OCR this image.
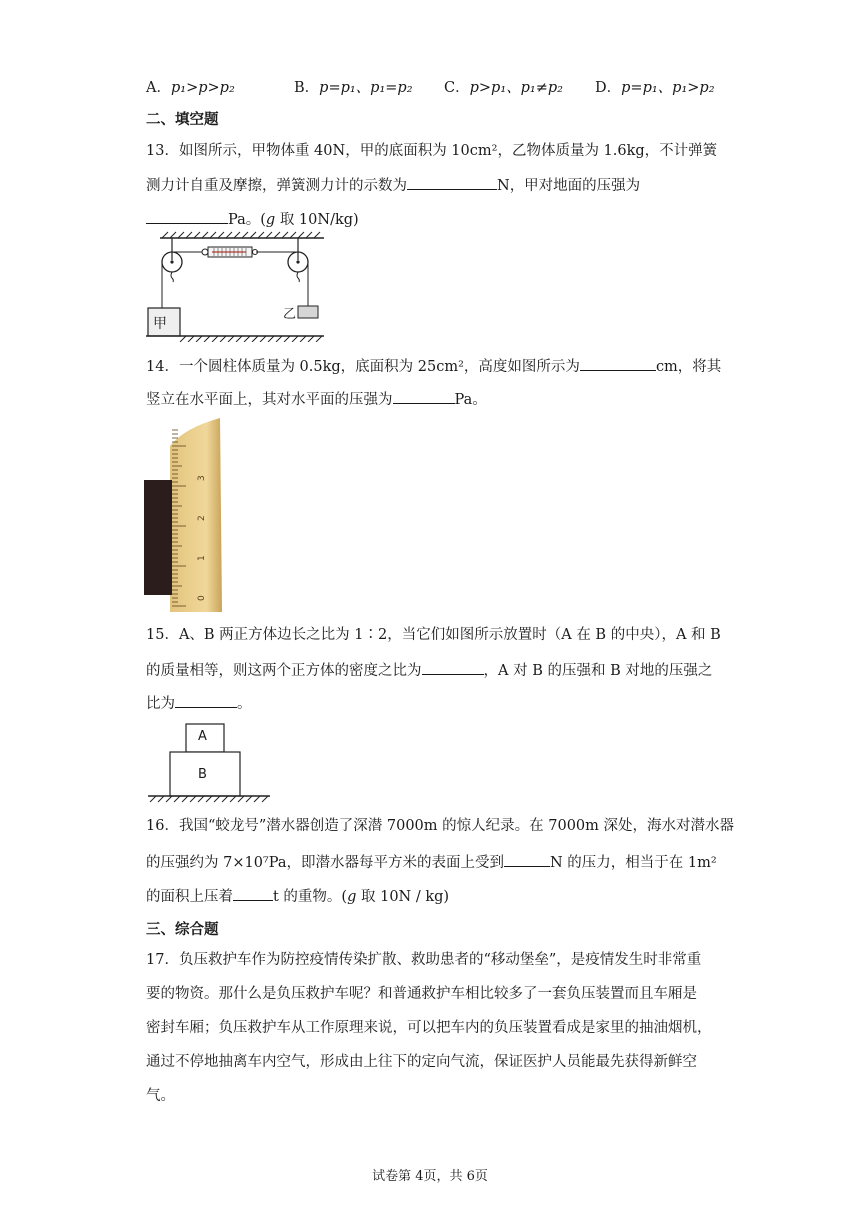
A．p₁>p>p₂	B．p=p₁、p₁=p₂ C．p>p₁、p₁≠p₂ D．p=p₁、p₁>p₂
二、填空题
13．如图所示，甲物体重 40N，甲的底面积为 10cm²，乙物体质量为 1.6kg，不计弹簧
测力计自重及摩擦，弹簧测力计的示数为	N，甲对地面的压强为
Pa。(g 取 10N/kg)
甲
乙
14．一个圆柱体质量为 0.5kg，底面积为 25cm²，高度如图所示为	cm，将其
竖立在水平面上，其对水平面的压强为	Pa。
0
1
2
3
15．A、B 两正方体边长之比为 1∶2，当它们如图所示放置时（A 在 B 的中央），A 和 B
的质量相等，则这两个正方体的密度之比为	，A 对 B 的压强和 B 对地的压强之
比为	。
A
B
16．我国“蛟龙号”潜水器创造了深潜 7000m 的惊人纪录。在 7000m 深处，海水对潜水器
的压强约为 7×10⁷Pa，即潜水器每平方米的表面上受到	N 的压力，相当于在 1m²
的面积上压着	t 的重物。(g 取 10N / kg)
三、综合题
17．负压救护车作为防控疫情传染扩散、救助患者的“移动堡垒”，是疫情发生时非常重
要的物资。那什么是负压救护车呢？和普通救护车相比较多了一套负压装置而且车厢是
密封车厢；负压救护车从工作原理来说，可以把车内的负压装置看成是家里的抽油烟机，
通过不停地抽离车内空气，形成由上往下的定向气流，保证医护人员能最先获得新鲜空
气。
试卷第 4页，共 6页
